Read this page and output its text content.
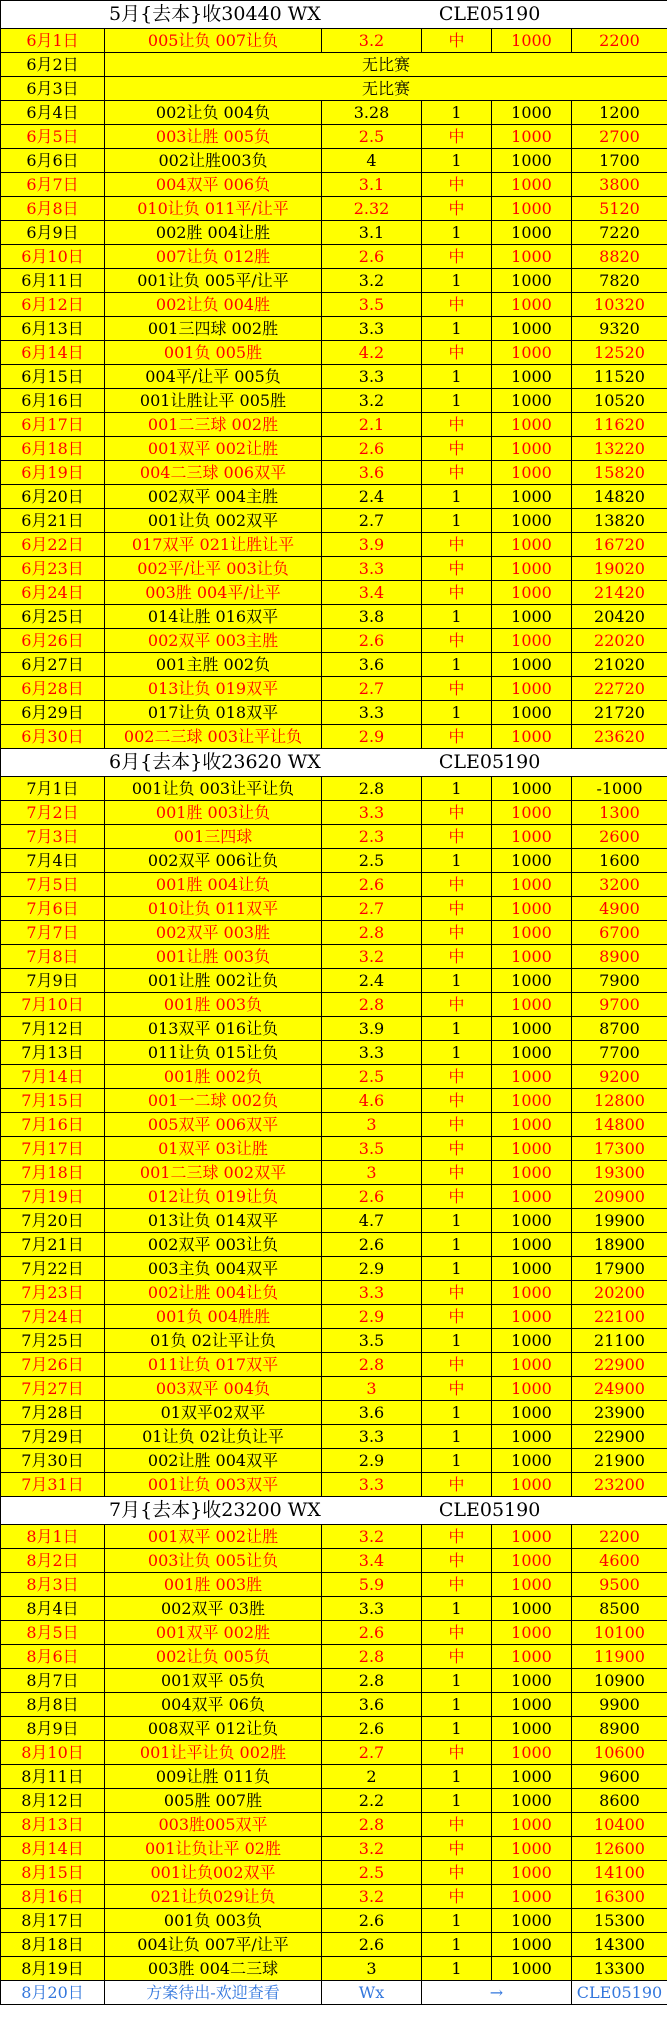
5月{去本}收30440 WX CLE05190					

6月1日	005让负 007让负	3.2	中	1000	2200
6月2日	无比赛				
6月3日	无比赛				
6月4日	002让负 004负	3.28	1	1000	1200
6月5日	003让胜 005负	2.5	中	1000	2700
6月6日	002让胜003负	4	1	1000	1700
6月7日	004双平 006负	3.1	中	1000	3800
6月8日	010让负 011平/让平	2.32	中	1000	5120
6月9日	002胜 004让胜	3.1	1	1000	7220
6月10日	007让负 012胜	2.6	中	1000	8820
6月11日	001让负 005平/让平	3.2	1	1000	7820
6月12日	002让负 004胜	3.5	中	1000	10320
6月13日	001三四球 002胜	3.3	1	1000	9320
6月14日	001负 005胜	4.2	中	1000	12520
6月15日	004平/让平 005负	3.3	1	1000	11520
6月16日	001让胜让平 005胜	3.2	1	1000	10520
6月17日	001二三球 002胜	2.1	中	1000	11620
6月18日	001双平 002让胜	2.6	中	1000	13220
6月19日	004二三球 006双平	3.6	中	1000	15820
6月20日	002双平 004主胜	2.4	1	1000	14820
6月21日	001让负 002双平	2.7	1	1000	13820
6月22日	017双平 021让胜让平	3.9	中	1000	16720
6月23日	002平/让平 003让负	3.3	中	1000	19020
6月24日	003胜 004平/让平	3.4	中	1000	21420
6月25日	014让胜 016双平	3.8	1	1000	20420
6月26日	002双平 003主胜	2.6	中	1000	22020
6月27日	001主胜 002负	3.6	1	1000	21020
6月28日	013让负 019双平	2.7	中	1000	22720
6月29日	017让负 018双平	3.3	1	1000	21720
6月30日	002二三球 003让平让负	2.9	中	1000	23620

6月{去本}收23620 WX CLE05190					

7月1日	001让负 003让平让负	2.8	1	1000	-1000
7月2日	001胜 003让负	3.3	中	1000	1300
7月3日	001三四球	2.3	中	1000	2600
7月4日	002双平 006让负	2.5	1	1000	1600
7月5日	001胜 004让负	2.6	中	1000	3200
7月6日	010让负 011双平	2.7	中	1000	4900
7月7日	002双平 003胜	2.8	中	1000	6700
7月8日	001让胜 003负	3.2	中	1000	8900
7月9日	001让胜 002让负	2.4	1	1000	7900
7月10日	001胜 003负	2.8	中	1000	9700
7月12日	013双平 016让负	3.9	1	1000	8700
7月13日	011让负 015让负	3.3	1	1000	7700
7月14日	001胜 002负	2.5	中	1000	9200
7月15日	001一二球 002负	4.6	中	1000	12800
7月16日	005双平 006双平	3	中	1000	14800
7月17日	01双平 03让胜	3.5	中	1000	17300
7月18日	001二三球 002双平	3	中	1000	19300
7月19日	012让负 019让负	2.6	中	1000	20900
7月20日	013让负 014双平	4.7	1	1000	19900
7月21日	002双平 003让负	2.6	1	1000	18900
7月22日	003主负 004双平	2.9	1	1000	17900
7月23日	002让胜 004让负	3.3	中	1000	20200
7月24日	001负 004胜胜	2.9	中	1000	22100
7月25日	01负 02让平让负	3.5	1	1000	21100
7月26日	011让负 017双平	2.8	中	1000	22900
7月27日	003双平 004负	3	中	1000	24900
7月28日	01双平02双平	3.6	1	1000	23900
7月29日	01让负 02让负让平	3.3	1	1000	22900
7月30日	002让胜 004双平	2.9	1	1000	21900
7月31日	001让负 003双平	3.3	中	1000	23200

7月{去本}收23200 WX CLE05190					

8月1日	001双平 002让胜	3.2	中	1000	2200
8月2日	003让负 005让负	3.4	中	1000	4600
8月3日	001胜 003胜	5.9	中	1000	9500
8月4日	002双平 03胜	3.3	1	1000	8500
8月5日	001双平 002胜	2.6	中	1000	10100
8月6日	002让负 005负	2.8	中	1000	11900
8月7日	001双平 05负	2.8	1	1000	10900
8月8日	004双平 06负	3.6	1	1000	9900
8月9日	008双平 012让负	2.6	1	1000	8900
8月10日	001让平让负 002胜	2.7	中	1000	10600
8月11日	009让胜 011负	2	1	1000	9600
8月12日	005胜 007胜	2.2	1	1000	8600
8月13日	003胜005双平	2.8	中	1000	10400
8月14日	001让负让平 02胜	3.2	中	1000	12600
8月15日	001让负002双平	2.5	中	1000	14100
8月16日	021让负029让负	3.2	中	1000	16300
8月17日	001负 003负	2.6	1	1000	15300
8月18日	004让负 007平/让平	2.6	1	1000	14300
8月19日	003胜 004二三球	3	1	1000	13300
8月20日	方案待出-欢迎查看	Wx	→		CLE05190
